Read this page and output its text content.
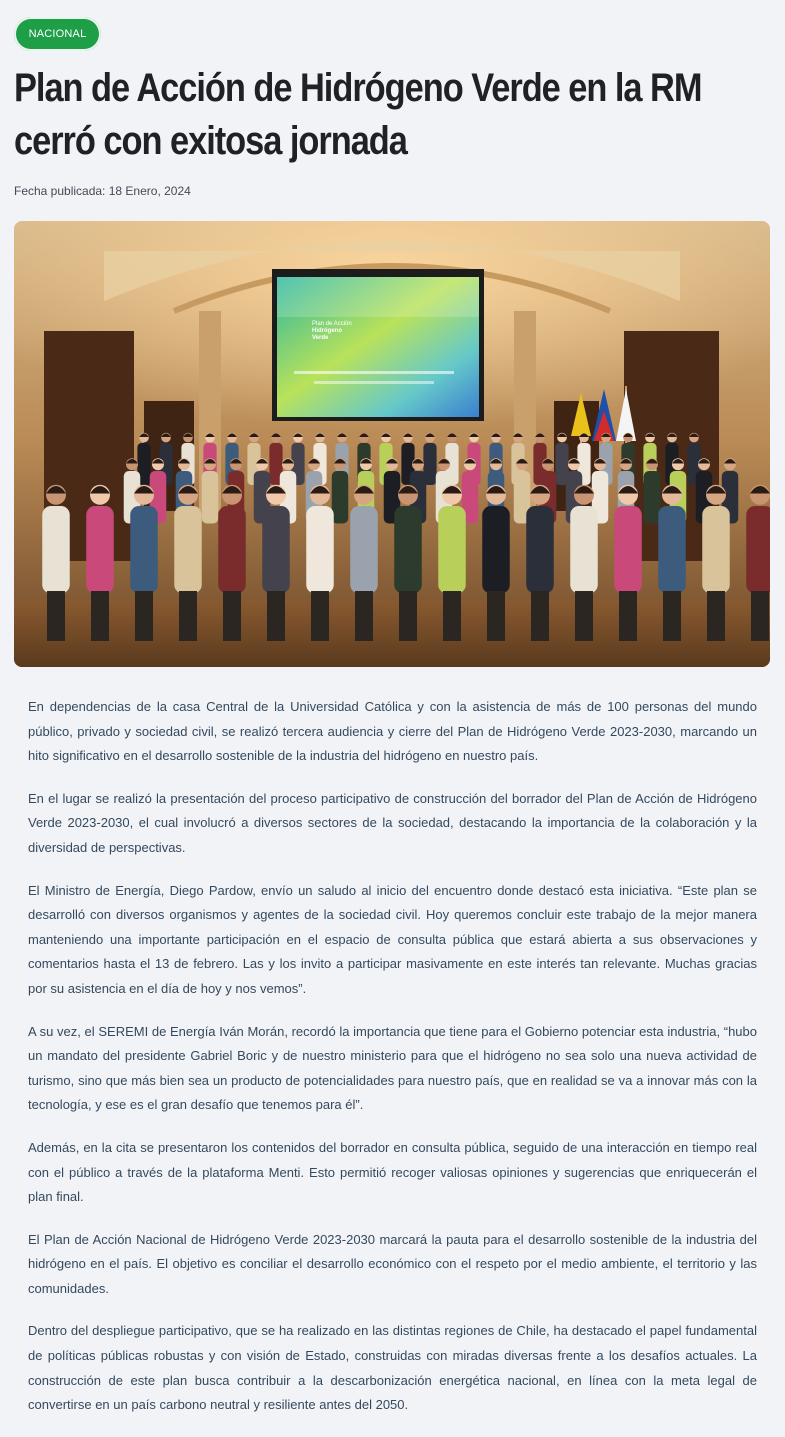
NACIONAL
Plan de Acción de Hidrógeno Verde en la RM cerró con exitosa jornada
Fecha publicada: 18 Enero, 2024
Plan de Acción
Hidrógeno
Verde

En dependencias de la casa Central de la Universidad Católica y con la asistencia de más de 100 personas del mundo público, privado y sociedad civil, se realizó tercera audiencia y cierre del Plan de Hidrógeno Verde 2023-2030, marcando un hito significativo en el desarrollo sostenible de la industria del hidrógeno en nuestro país.

En el lugar se realizó la presentación del proceso participativo de construcción del borrador del Plan de Acción de Hidrógeno Verde 2023-2030, el cual involucró a diversos sectores de la sociedad, destacando la importancia de la colaboración y la diversidad de perspectivas.

El Ministro de Energía, Diego Pardow, envío un saludo al inicio del encuentro donde destacó esta iniciativa. “Este plan se desarrolló con diversos organismos y agentes de la sociedad civil. Hoy queremos concluir este trabajo de la mejor manera manteniendo una importante participación en el espacio de consulta pública que estará abierta a sus observaciones y comentarios hasta el 13 de febrero. Las y los invito a participar masivamente en este interés tan relevante. Muchas gracias por su asistencia en el día de hoy y nos vemos”.

A su vez, el SEREMI de Energía Iván Morán, recordó la importancia que tiene para el Gobierno potenciar esta industria, “hubo un mandato del presidente Gabriel Boric y de nuestro ministerio para que el hidrógeno no sea solo una nueva actividad de turismo, sino que más bien sea un producto de potencialidades para nuestro país, que en realidad se va a innovar más con la tecnología, y ese es el gran desafío que tenemos para él”.

Además, en la cita se presentaron los contenidos del borrador en consulta pública, seguido de una interacción en tiempo real con el público a través de la plataforma Menti. Esto permitió recoger valiosas opiniones y sugerencias que enriquecerán el plan final.

El Plan de Acción Nacional de Hidrógeno Verde 2023-2030 marcará la pauta para el desarrollo sostenible de la industria del hidrógeno en el país. El objetivo es conciliar el desarrollo económico con el respeto por el medio ambiente, el territorio y las comunidades.

Dentro del despliegue participativo, que se ha realizado en las distintas regiones de Chile, ha destacado el papel fundamental de políticas públicas robustas y con visión de Estado, construidas con miradas diversas frente a los desafíos actuales. La construcción de este plan busca contribuir a la descarbonización energética nacional, en línea con la meta legal de convertirse en un país carbono neutral y resiliente antes del 2050.
